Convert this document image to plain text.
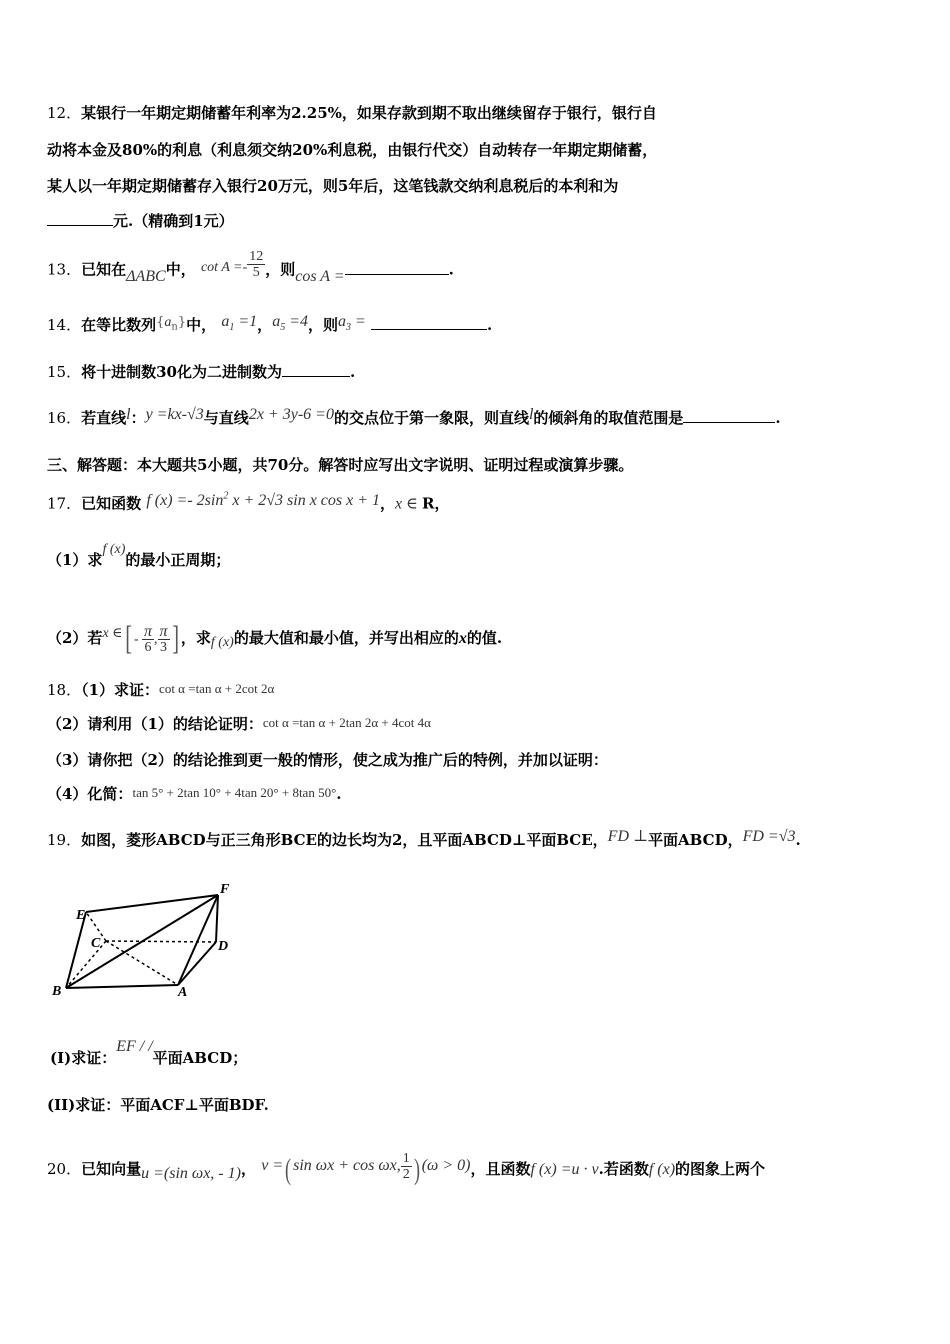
12．某银行一年期定期储蓄年利率为2.25%，如果存款到期不取出继续留存于银行，银行自
动将本金及80%的利息（利息须交纳20%利息税，由银行代交）自动转存一年期定期储蓄，
某人以一年期定期储蓄存入银行20万元，则5年后，这笔钱款交纳利息税后的本利和为
元.（精确到1元）
13．已知在ΔABC中， $\cot A =- \frac{12}{5}$ ，则cos A =	.
14．在等比数列$\{a_n\}$中， $a_1 =1$，$a_5 =4$，则$a_3$ =	.
15．将十进制数30化为二进制数为	.
16．若直线l：y =kx-√3与直线2x + 3y-6 =0的交点位于第一象限，则直线l的倾斜角的取值范围是	.
三、解答题：本大题共5小题，共70分。解答时应写出文字说明、证明过程或演算步骤。
17．已知函数 f $(x) =- 2\sin^2$ x + 2√3 sin x cos x + 1，x ∈ R，
（1）求f (x)的最小正周期；
（2）若x ∈[ - $\frac{\pi}{6}$ , $\frac{\pi}{3}$ ] ，求f (x)的最大值和最小值，并写出相应的x的值.
18．（1）求证：cot α =tan α + 2cot 2α
（2）请利用（1）的结论证明：cot α =tan α + 2tan 2α + 4cot 4α
（3）请你把（2）的结论推到更一般的情形，使之成为推广后的特例，并加以证明：
（4）化简：tan 5° + 2tan 10° + 4tan 20° + 8tan 50°.
19．如图，菱形ABCD与正三角形BCE的边长均为2，且平面ABCD⊥平面BCE，FD ⊥平面ABCD，FD =√3.
E
F
C	D
B	A
(I)求证：EF / /平面ABCD；
(II)求证：平面ACF⊥平面BDF.
20．已知向量u =(sin ωx, - 1)， v =( sin ωx + cos ωx, $\frac{1}{2}$ ) (ω > 0)，且函数f (x) =u · v.若函数f (x)的图象上两个
